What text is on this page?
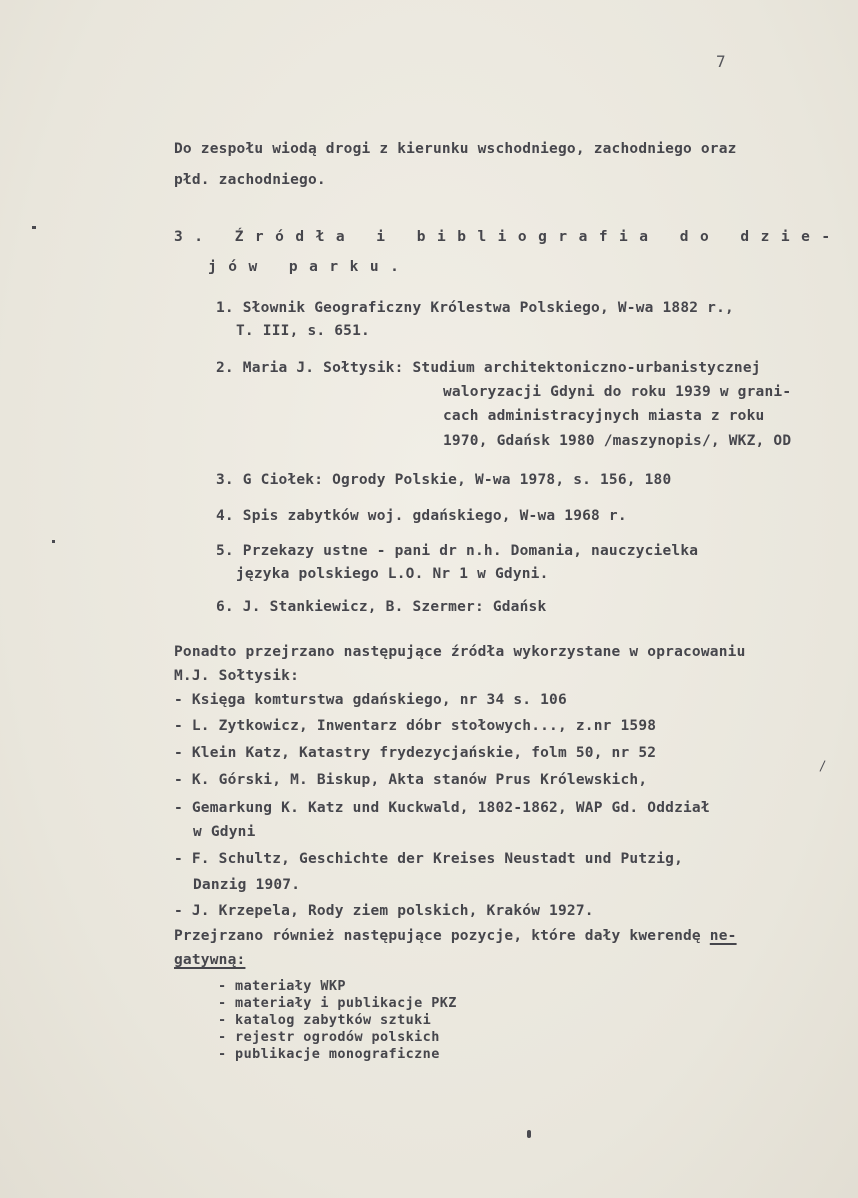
7
Do zespołu wiodą drogi z kierunku wschodniego, zachodniego oraz
płd. zachodniego.
3. Źródła i bibliografia do dzie-
jów parku.
1. Słownik Geograficzny Królestwa Polskiego, W-wa 1882 r.,
T. III, s. 651.
2. Maria J. Sołtysik: Studium architektoniczno-urbanistycznej
waloryzacji Gdyni do roku 1939 w grani-
cach administracyjnych miasta z roku
1970, Gdańsk 1980 /maszynopis/, WKZ, OD
3. G Ciołek: Ogrody Polskie, W-wa 1978, s. 156, 180
4. Spis zabytków woj. gdańskiego, W-wa 1968 r.
5. Przekazy ustne - pani dr n.h. Domania, nauczycielka
języka polskiego L.O. Nr 1 w Gdyni.
6. J. Stankiewicz, B. Szermer: Gdańsk
Ponadto przejrzano następujące źródła wykorzystane w opracowaniu
M.J. Sołtysik:
- Księga komturstwa gdańskiego, nr 34 s. 106
- L. Zytkowicz, Inwentarz dóbr stołowych..., z.nr 1598
- Klein Katz, Katastry frydezycjańskie, folm 50, nr 52
- K. Górski, M. Biskup, Akta stanów Prus Królewskich,
- Gemarkung K. Katz und Kuckwald, 1802-1862, WAP Gd. Oddział
w Gdyni
- F. Schultz, Geschichte der Kreises Neustadt und Putzig,
Danzig 1907.
- J. Krzepela, Rody ziem polskich, Kraków 1927.
Przejrzano również następujące pozycje, które dały kwerendę ne-
gatywną:
- materiały WKP
- materiały i publikacje PKZ
- katalog zabytków sztuki
- rejestr ogrodów polskich
- publikacje monograficzne
